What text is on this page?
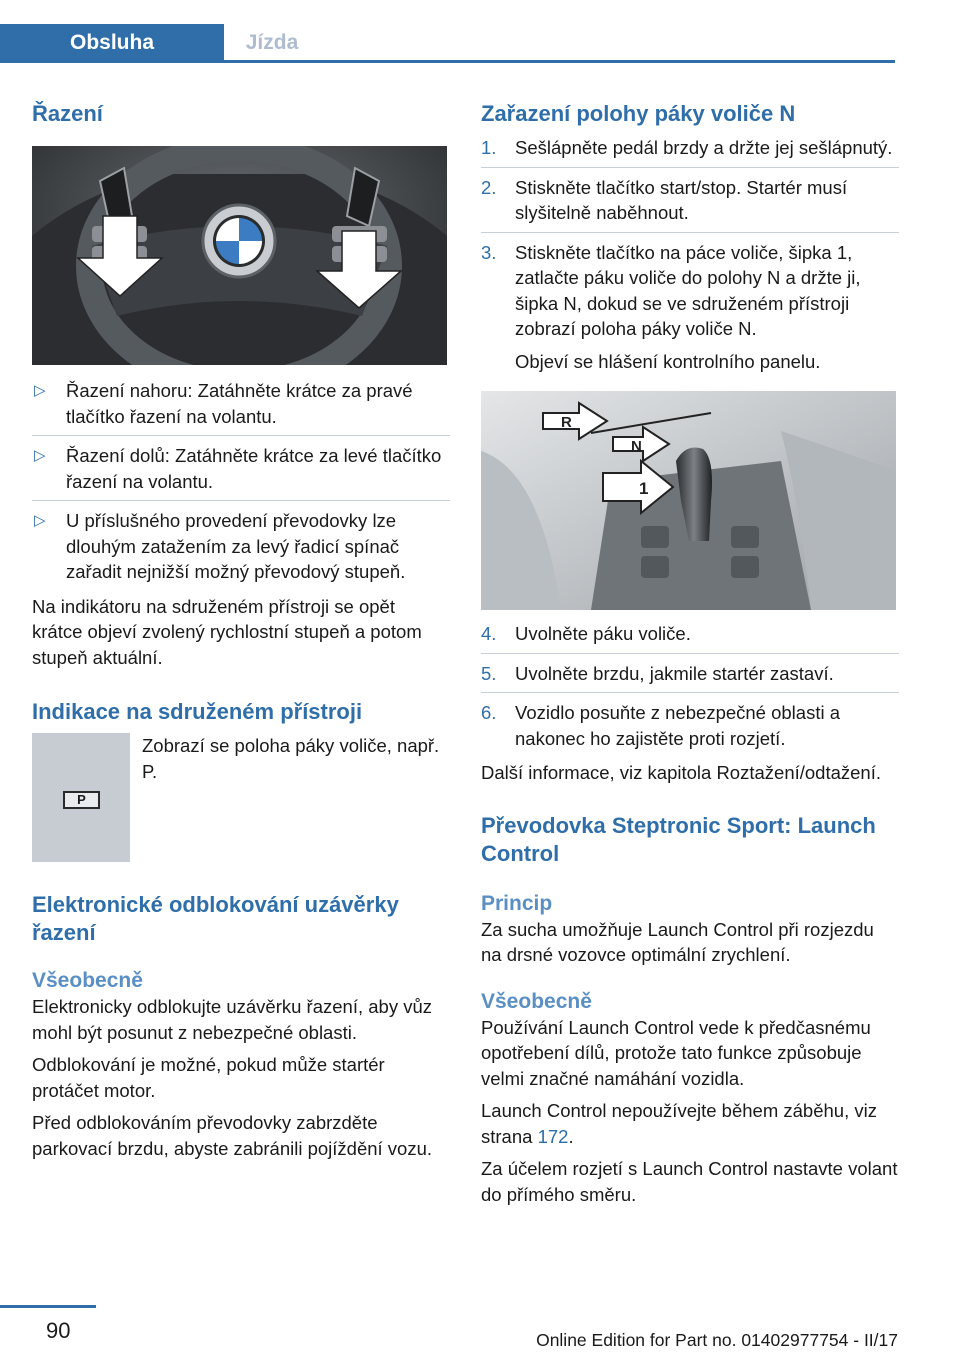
Obsluha	Jízda
Řazení
▷ Řazení nahoru: Zatáhněte krátce za pravé tlačítko řazení na volantu.
▷ Řazení dolů: Zatáhněte krátce za levé tlačítko řazení na volantu.
▷ U příslušného provedení převodovky lze dlouhým zatažením za levý řadicí spínač zařadit nejnižší možný převodový stupeň.

Na indikátoru na sdruženém přístroji se opět krátce objeví zvolený rychlostní stupeň a potom stupeň aktuální.

Indikace na sdruženém přístroji
P

Zobrazí se poloha páky voliče, např. P.

Elektronické odblokování uzávěrky řazení
Všeobecně

Elektronicky odblokujte uzávěrku řazení, aby vůz mohl být posunut z nebezpečné oblasti.

Odblokování je možné, pokud může startér protáčet motor.

Před odblokováním převodovky zabrzděte parkovací brzdu, abyste zabránili pojíždění vozu.

Zařazení polohy páky voliče N
1. Sešlápněte pedál brzdy a držte jej sešlápnutý.
2. Stiskněte tlačítko start/stop. Startér musí slyšitelně naběhnout.
3. Stiskněte tlačítko na páce voliče, šipka 1, zatlačte páku voliče do polohy N a držte ji, šipka N, dokud se ve sdruženém přístroji zobrazí poloha páky voliče N.

Objeví se hlášení kontrolního panelu.

R
N
1
4. Uvolněte páku voliče.
5. Uvolněte brzdu, jakmile startér zastaví.
6. Vozidlo posuňte z nebezpečné oblasti a nakonec ho zajistěte proti rozjetí.

Další informace, viz kapitola Roztažení/odtažení.

Převodovka Steptronic Sport: Launch Control
Princip

Za sucha umožňuje Launch Control při rozjezdu na drsné vozovce optimální zrychlení.

Všeobecně

Používání Launch Control vede k předčasnému opotřebení dílů, protože tato funkce způsobuje velmi značné namáhání vozidla.

Launch Control nepoužívejte během záběhu, viz strana 172.

Za účelem rozjetí s Launch Control nastavte volant do přímého směru.

90	Online Edition for Part no. 01402977754 - II/17
